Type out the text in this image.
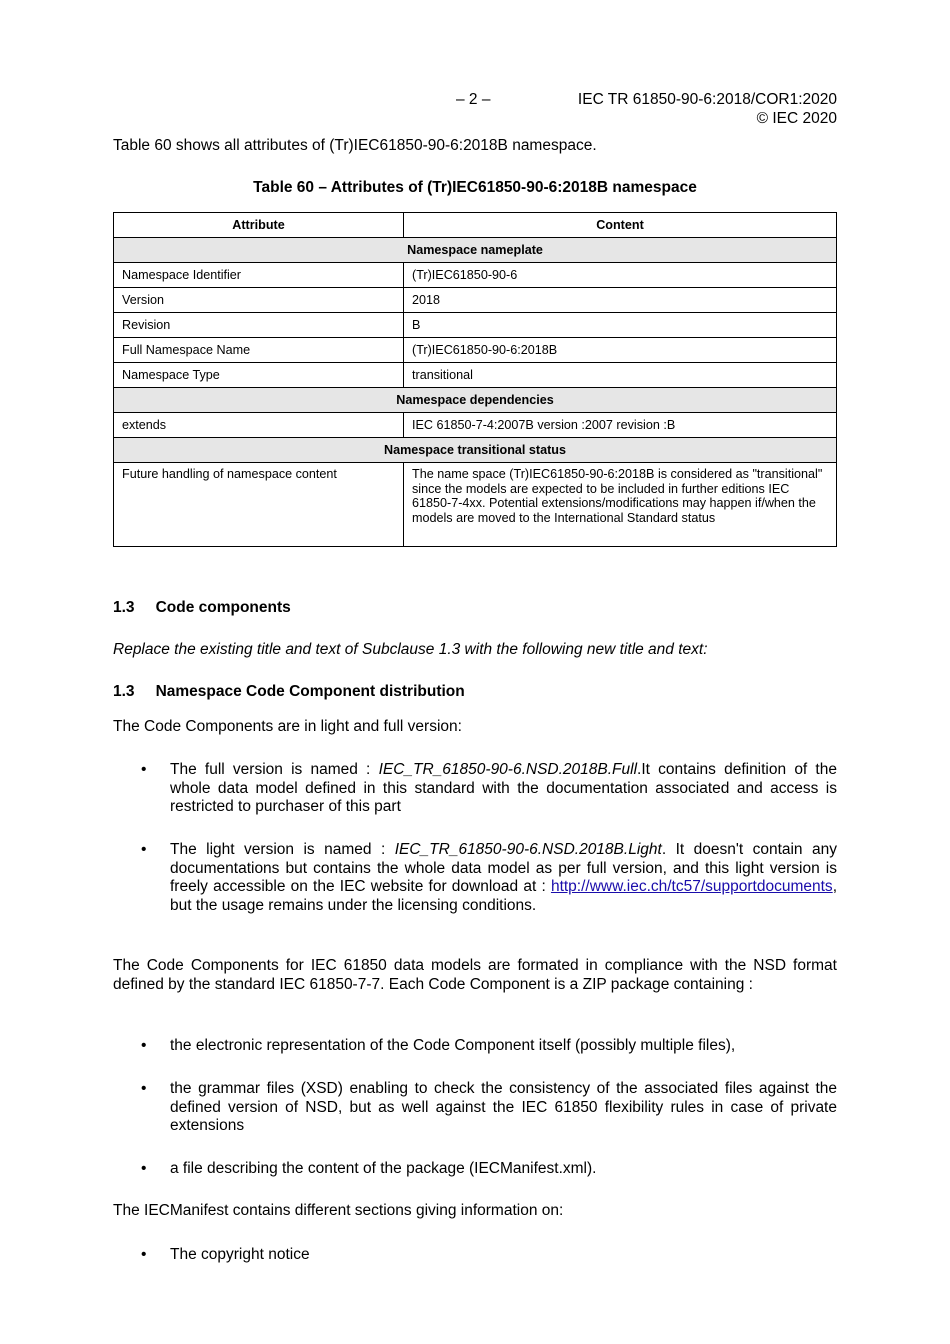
– 2 –	IEC TR 61850-90-6:2018/COR1:2020
© IEC 2020
Table 60 shows all attributes of (Tr)IEC61850-90-6:2018B namespace.
Table 60 – Attributes of (Tr)IEC61850-90-6:2018B namespace
Attribute	Content
Namespace nameplate	
Namespace Identifier	(Tr)IEC61850-90-6
Version	2018
Revision	B
Full Namespace Name	(Tr)IEC61850-90-6:2018B
Namespace Type	transitional
Namespace dependencies	
extends	IEC 61850-7-4:2007B version :2007 revision :B
Namespace transitional status	
Future handling of namespace content	The name space (Tr)IEC61850-90-6:2018B is considered as "transitional" since the models are expected to be included in further editions IEC 61850-7-4xx. Potential extensions/modifications may happen if/when the models are moved to the International Standard status
1.3 Code components
Replace the existing title and text of Subclause 1.3 with the following new title and text:
1.3 Namespace Code Component distribution
The Code Components are in light and full version:
• The full version is named : IEC_TR_61850-90-6.NSD.2018B.Full.It contains definition of the whole data model defined in this standard with the documentation associated and access is restricted to purchaser of this part
• The light version is named : IEC_TR_61850-90-6.NSD.2018B.Light. It doesn't contain any documentations but contains the whole data model as per full version, and this light version is freely accessible on the IEC website for download at : http://www.iec.ch/tc57/supportdocuments, but the usage remains under the licensing conditions.
The Code Components for IEC 61850 data models are formated in compliance with the NSD format defined by the standard IEC 61850-7-7. Each Code Component is a ZIP package containing :
• the electronic representation of the Code Component itself (possibly multiple files),
• the grammar files (XSD) enabling to check the consistency of the associated files against the defined version of NSD, but as well against the IEC 61850 flexibility rules in case of private extensions
• a file describing the content of the package (IECManifest.xml).
The IECManifest contains different sections giving information on:
• The copyright notice
